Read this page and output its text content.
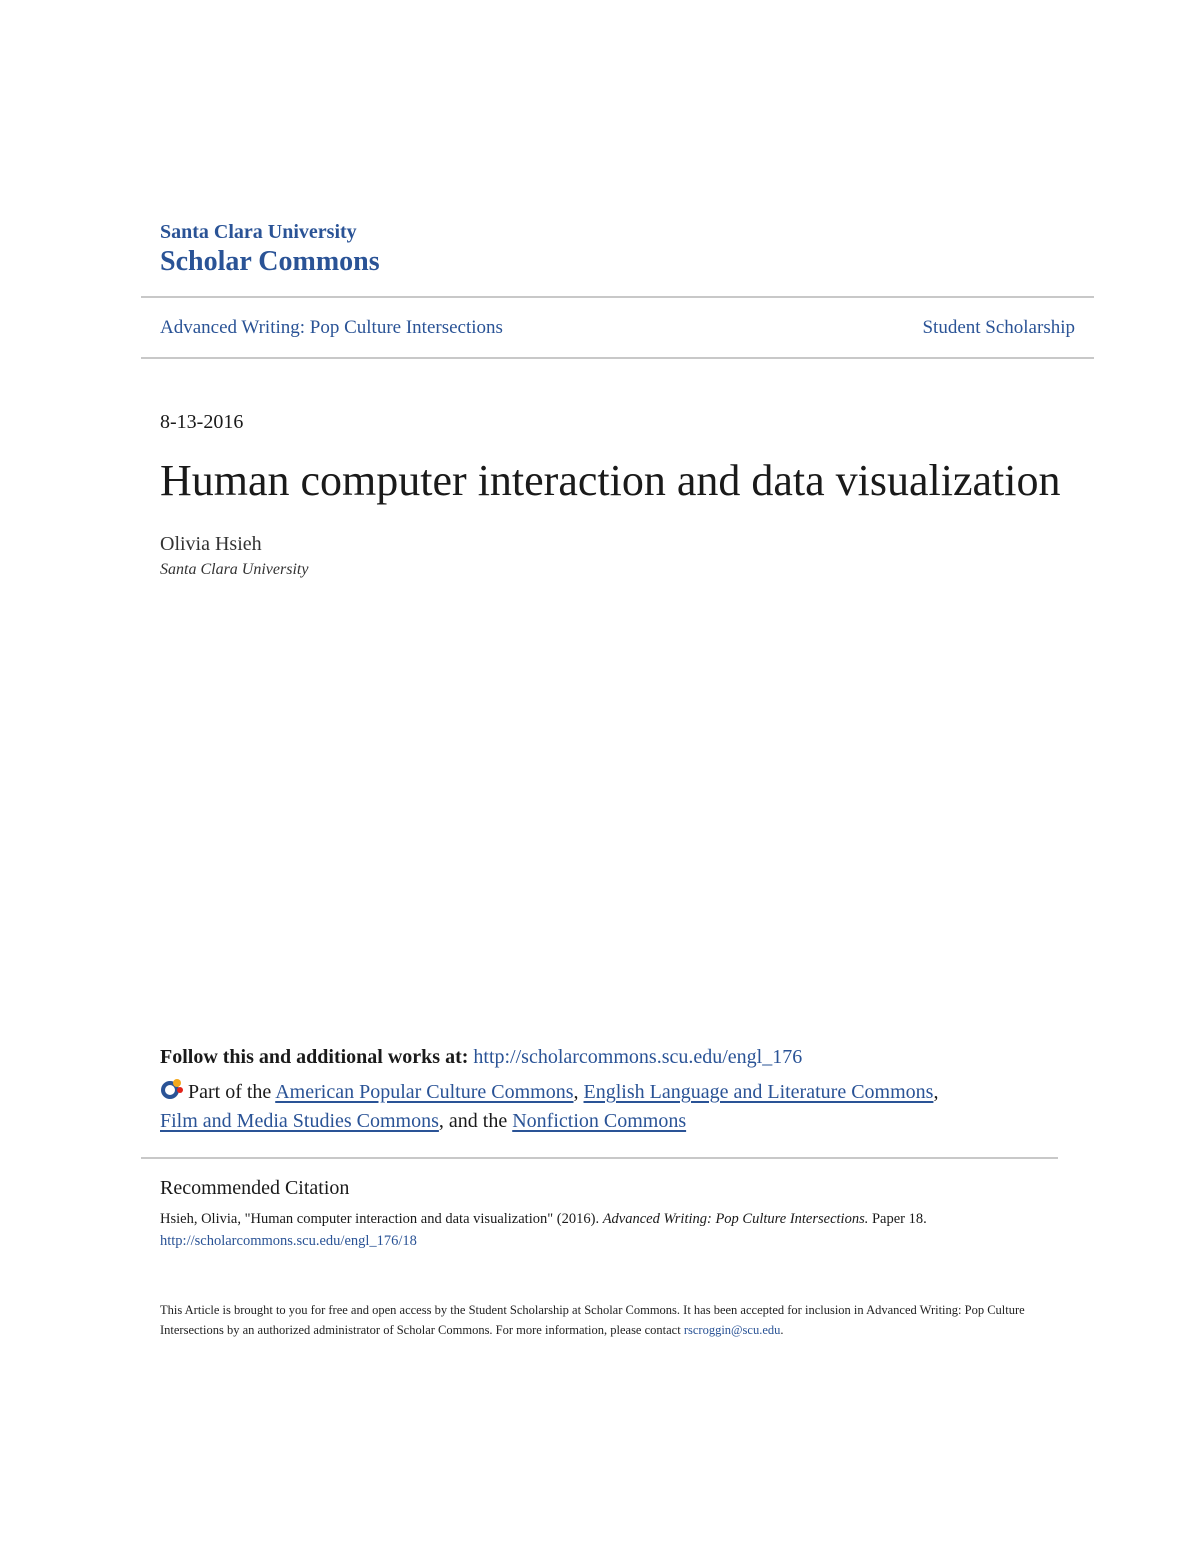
Santa Clara University
Scholar Commons
Advanced Writing: Pop Culture Intersections	Student Scholarship
8-13-2016
Human computer interaction and data visualization
Olivia Hsieh
Santa Clara University
Follow this and additional works at: http://scholarcommons.scu.edu/engl_176
Part of the American Popular Culture Commons, English Language and Literature Commons,
Film and Media Studies Commons, and the Nonfiction Commons
Recommended Citation
Hsieh, Olivia, "Human computer interaction and data visualization" (2016). Advanced Writing: Pop Culture Intersections. Paper 18.
http://scholarcommons.scu.edu/engl_176/18
This Article is brought to you for free and open access by the Student Scholarship at Scholar Commons. It has been accepted for inclusion in Advanced Writing: Pop Culture Intersections by an authorized administrator of Scholar Commons. For more information, please contact rscroggin@scu.edu.
